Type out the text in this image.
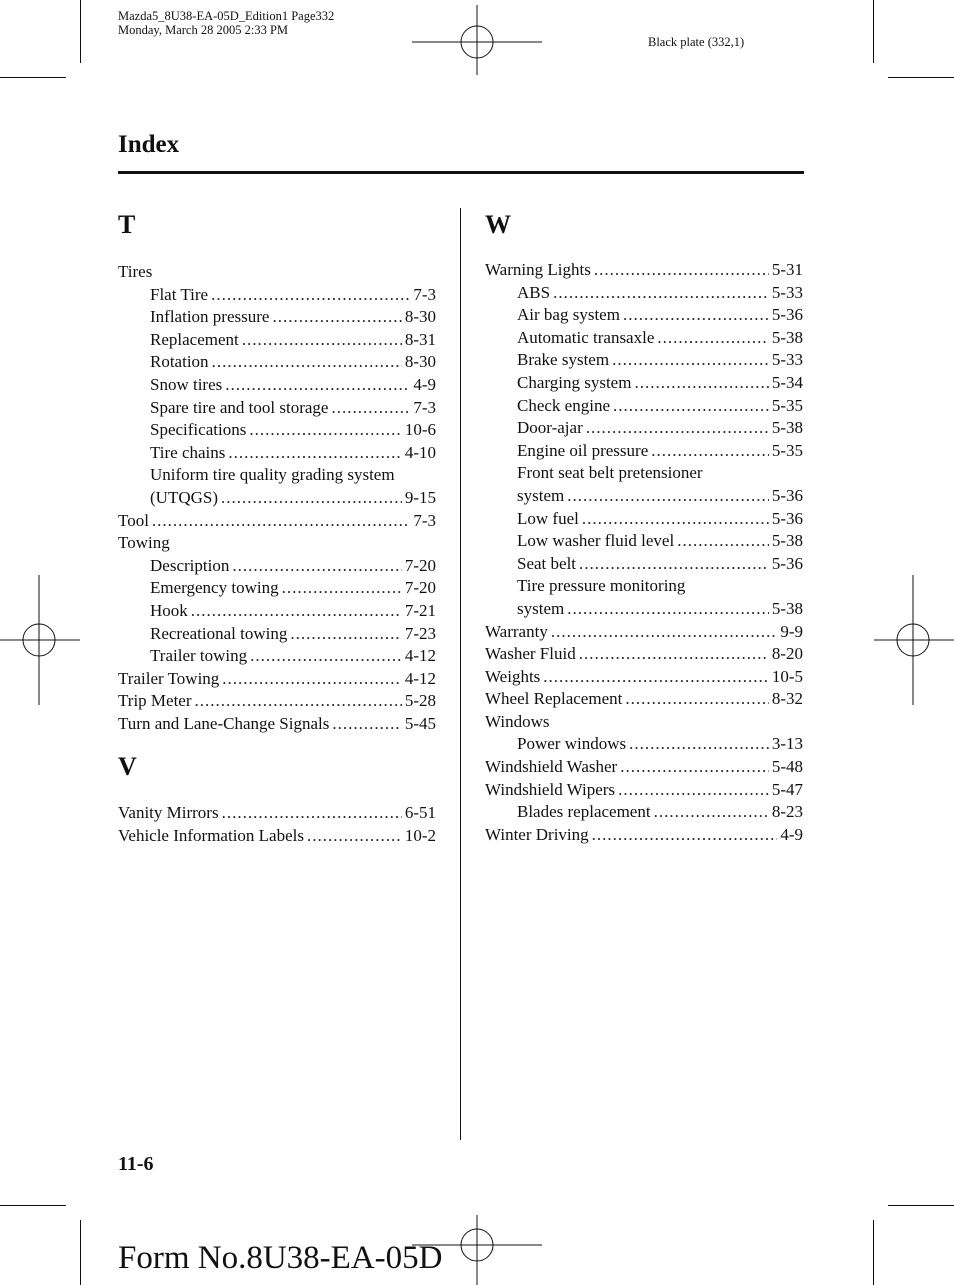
Mazda5_8U38-EA-05D_Edition1 Page332
Monday, March 28 2005 2:33 PM
Black plate (332,1)
Index
T
Tires
Flat Tire .....	7-3
Inflation pressure .....	8-30
Replacement .....	8-31
Rotation .....	8-30
Snow tires .....	4-9
Spare tire and tool storage .....	7-3
Specifications .....	10-6
Tire chains .....	4-10
Uniform tire quality grading system
(UTQGS) .....	9-15
Tool .....	7-3
Towing
Description .....	7-20
Emergency towing .....	7-20
Hook .....	7-21
Recreational towing .....	7-23
Trailer towing .....	4-12
Trailer Towing .....	4-12
Trip Meter .....	5-28
Turn and Lane-Change Signals .....	5-45
V
Vanity Mirrors .....	6-51
Vehicle Information Labels .....	10-2
W
Warning Lights .....	5-31
ABS .....	5-33
Air bag system .....	5-36
Automatic transaxle .....	5-38
Brake system .....	5-33
Charging system .....	5-34
Check engine .....	5-35
Door-ajar .....	5-38
Engine oil pressure .....	5-35
Front seat belt pretensioner
system .....	5-36
Low fuel .....	5-36
Low washer fluid level .....	5-38
Seat belt .....	5-36
Tire pressure monitoring
system .....	5-38
Warranty .....	9-9
Washer Fluid .....	8-20
Weights .....	10-5
Wheel Replacement .....	8-32
Windows
Power windows .....	3-13
Windshield Washer .....	5-48
Windshield Wipers .....	5-47
Blades replacement .....	8-23
Winter Driving .....	4-9
11-6
Form No.8U38-EA-05D
